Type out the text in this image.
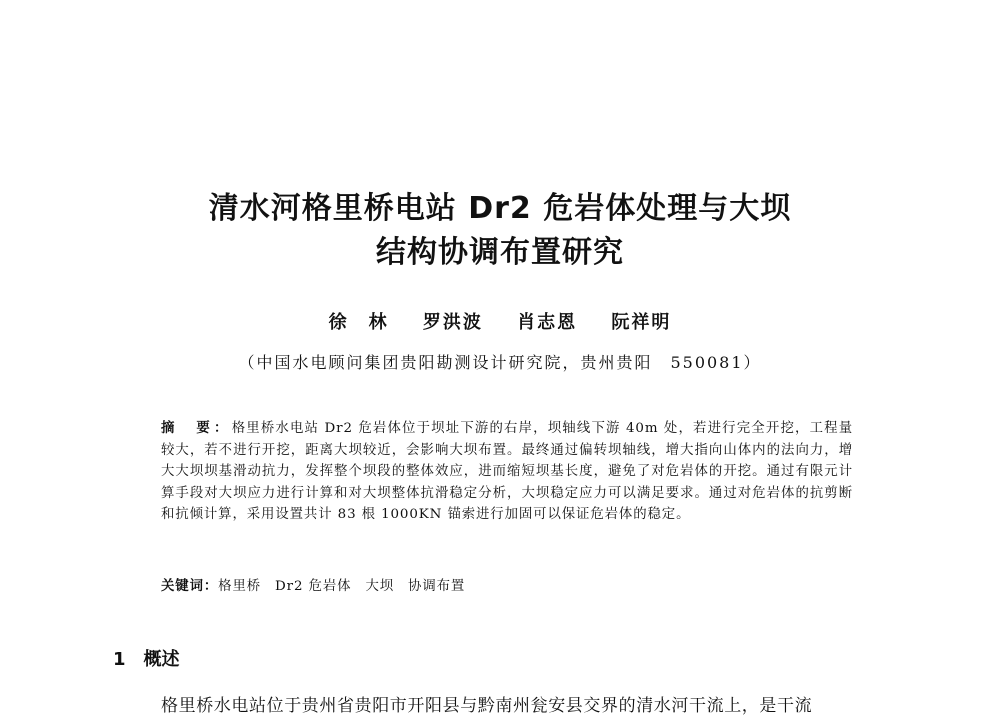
清水河格里桥电站 Dr2 危岩体处理与大坝
结构协调布置研究

徐　林 罗洪波 肖志恩 阮祥明

（中国水电顾问集团贵阳勘测设计研究院，贵州贵阳　550081）

摘　要：格里桥水电站 Dr2 危岩体位于坝址下游的右岸，坝轴线下游 40m 处，若进行完全开挖，工程量较大，若不进行开挖，距离大坝较近，会影响大坝布置。最终通过偏转坝轴线，增大指向山体内的法向力，增大大坝坝基滑动抗力，发挥整个坝段的整体效应，进而缩短坝基长度，避免了对危岩体的开挖。通过有限元计算手段对大坝应力进行计算和对大坝整体抗滑稳定分析，大坝稳定应力可以满足要求。通过对危岩体的抗剪断和抗倾计算，采用设置共计 83 根 1000KN 锚索进行加固可以保证危岩体的稳定。

关键词：格里桥 Dr2 危岩体 大坝 协调布置

1 概述

格里桥水电站位于贵州省贵阳市开阳县与黔南州瓮安县交界的清水河干流上，是干流
